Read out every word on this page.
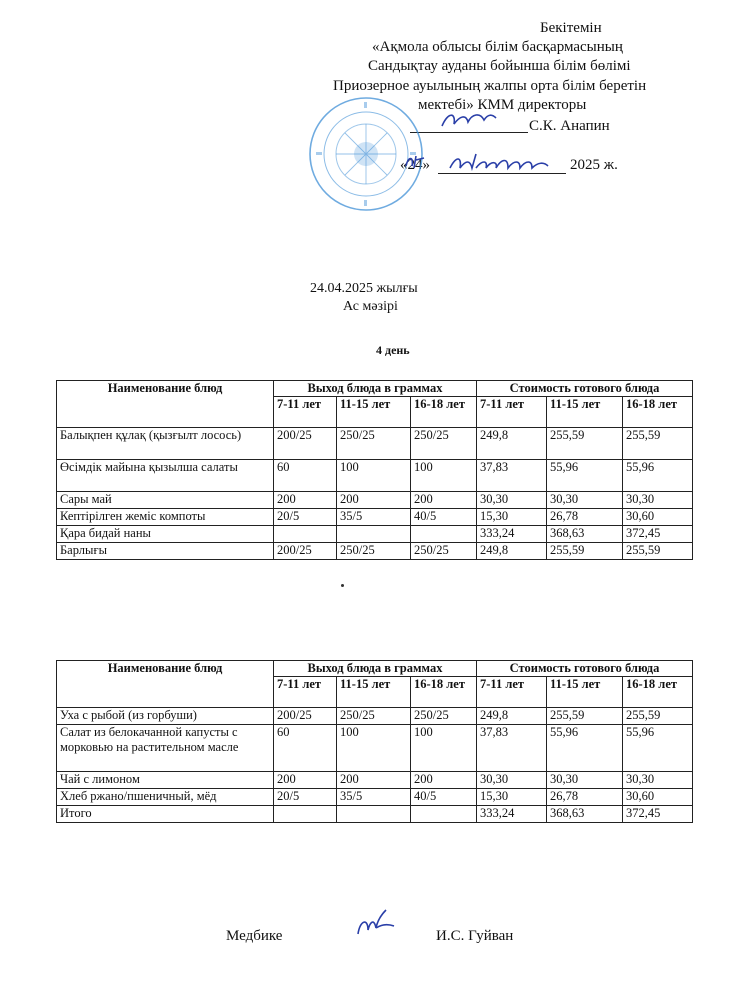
Бекітемін
«Ақмола облысы білім басқармасының
Сандықтау ауданы бойынша білім бөлімі
Приозерное ауылының жалпы орта білім беретін
мектебі» КММ директоры
С.К. Анапин
«24»	2025 ж.
24.04.2025 жылғы
Ас мәзірі
4 день
Наименование блюд	Выход блюда в граммах			Стоимость готового блюда		
	7-11 лет	11-15 лет	16-18 лет	7-11 лет	11-15 лет	16-18 лет
Балықпен құлақ (қызғылт лосось)	200/25	250/25	250/25	249,8	255,59	255,59
Өсімдік майына қызылша салаты	60	100	100	37,83	55,96	55,96
Сары май	200	200	200	30,30	30,30	30,30
Кептірілген жеміс компоты	20/5	35/5	40/5	15,30	26,78	30,60
Қара бидай наны				333,24	368,63	372,45
Барлығы	200/25	250/25	250/25	249,8	255,59	255,59
Наименование блюд	Выход блюда в граммах			Стоимость готового блюда		
	7-11 лет	11-15 лет	16-18 лет	7-11 лет	11-15 лет	16-18 лет
Уха с рыбой (из горбуши)	200/25	250/25	250/25	249,8	255,59	255,59
Салат из белокачанной капусты с морковью на растительном масле	60	100	100	37,83	55,96	55,96
Чай с лимоном	200	200	200	30,30	30,30	30,30
Хлеб ржано/пшеничный, мёд	20/5	35/5	40/5	15,30	26,78	30,60
Итого				333,24	368,63	372,45
Медбике	И.С. Гуйван
